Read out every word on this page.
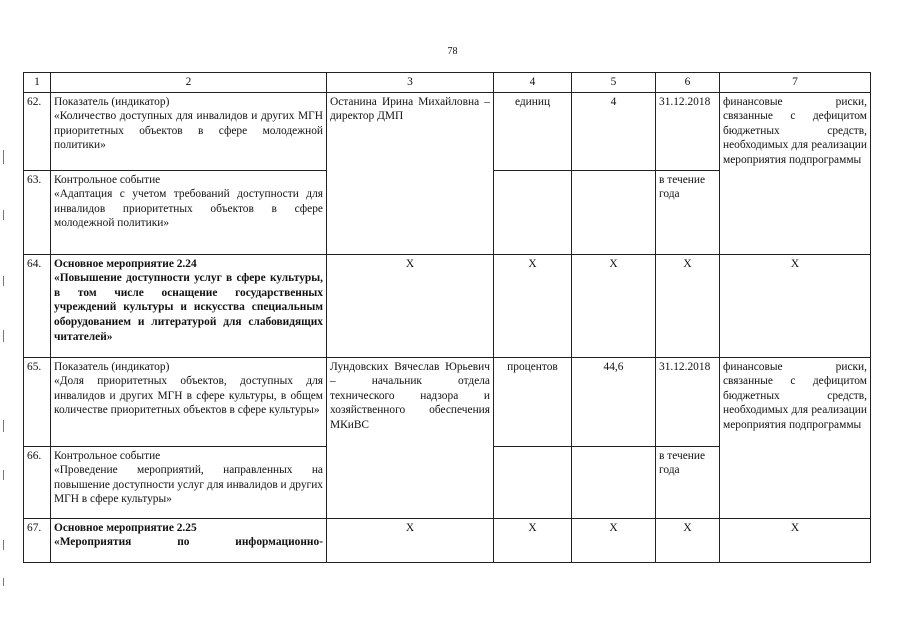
78
1	2	3	4	5	6	7
62.	Показатель (индикатор)
«Количество доступных для инвалидов и других МГН приоритетных объектов в сфере молодежной политики»	Останина Ирина Михайловна – директор ДМП	единиц	4	31.12.2018	финансовые риски, связанные с дефицитом бюджетных средств, необходимых для реализации мероприятия подпрограммы
63.	Контрольное событие
«Адаптация с учетом требований доступности для инвалидов приоритетных объектов в сфере молодежной политики»				в течение года	
64.	Основное мероприятие 2.24
«Повышение доступности услуг в сфере культуры, в том числе оснащение государственных учреждений культуры и искусства специальным оборудованием и литературой для слабовидящих читателей»	Х	Х	Х	Х	Х
65.	Показатель (индикатор)
«Доля приоритетных объектов, доступных для инвалидов и других МГН в сфере культуры, в общем количестве приоритетных объектов в сфере культуры»	Лундовских Вячеслав Юрьевич – начальник отдела технического надзора и хозяйственного обеспечения МКиВС	процентов	44,6	31.12.2018	финансовые риски, связанные с дефицитом бюджетных средств, необходимых для реализации мероприятия подпрограммы
66.	Контрольное событие
«Проведение мероприятий, направленных на повышение доступности услуг для инвалидов и других МГН в сфере культуры»				в течение года	
67.	Основное мероприятие 2.25
«Мероприятия по информационно-	Х	Х	Х	Х	Х
